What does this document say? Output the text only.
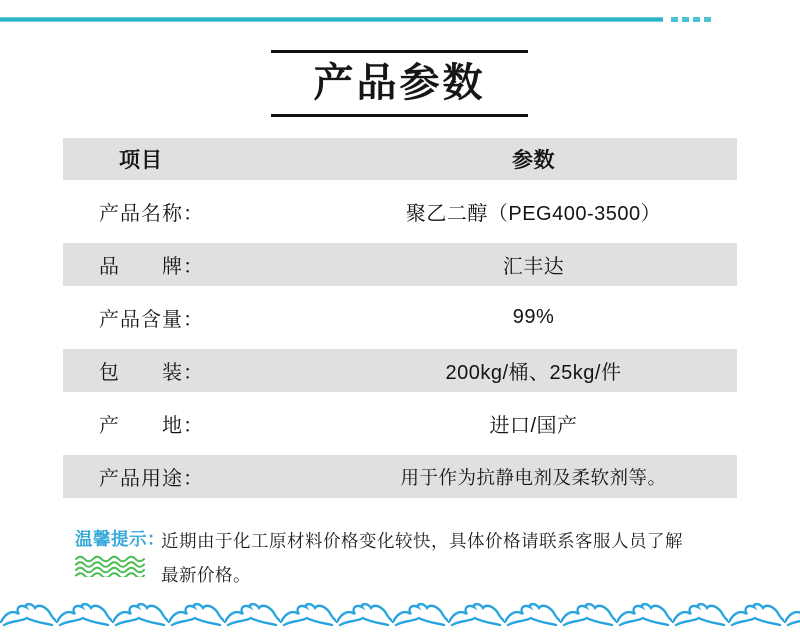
产品参数
项目	参数
产品名称：	聚乙二醇（PEG400-3500）
品　　牌：	汇丰达
产品含量：	99%
包　　装：	200kg/桶、25kg/件
产　　地：	进口/国产
产品用途：	用于作为抗静电剂及柔软剂等。
温馨提示：
近期由于化工原材料价格变化较快，具体价格请联系客服人员了解
最新价格。
